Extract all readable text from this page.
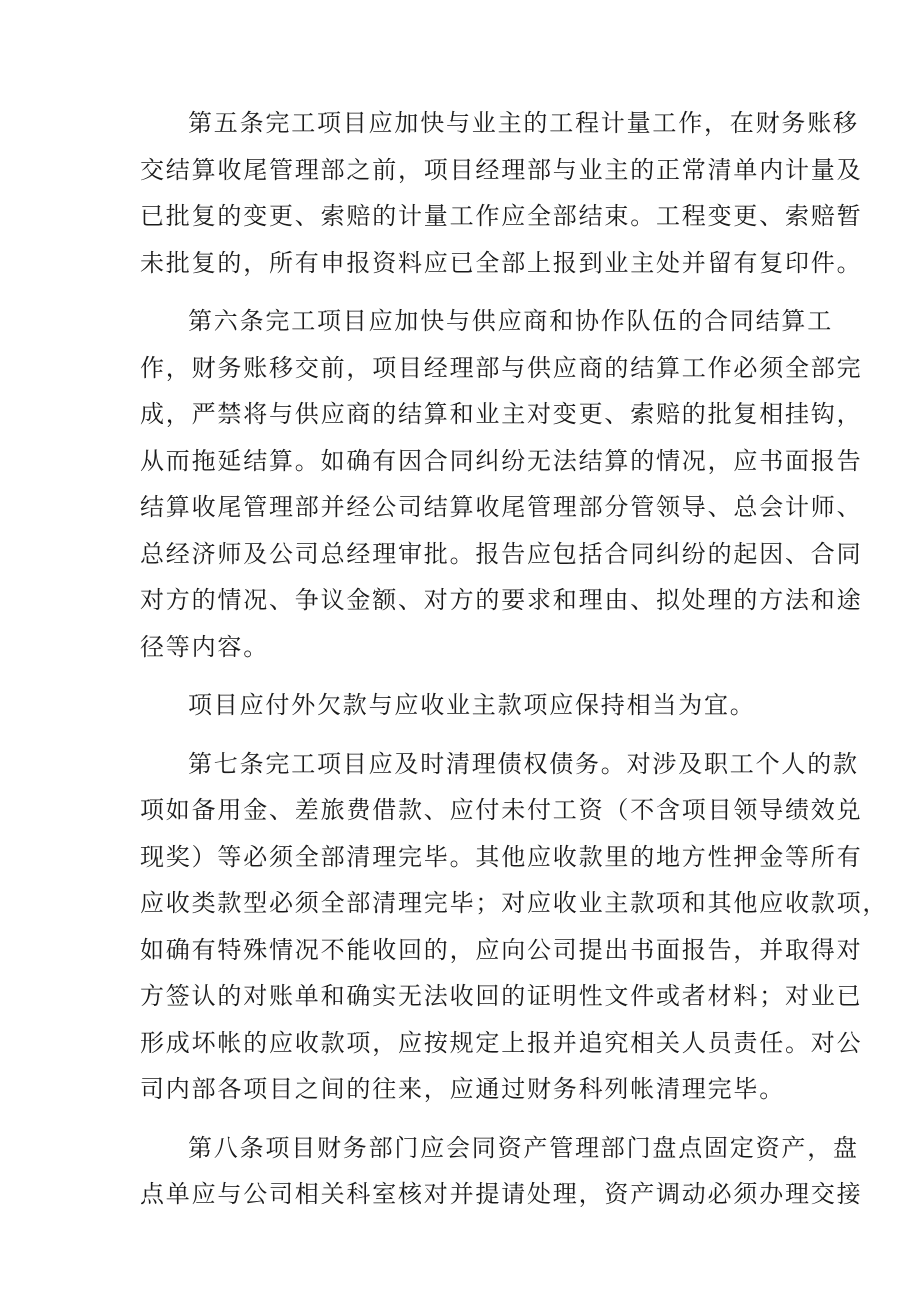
第五条完工项目应加快与业主的工程计量工作，在财务账移
交结算收尾管理部之前，项目经理部与业主的正常清单内计量及
已批复的变更、索赔的计量工作应全部结束。工程变更、索赔暂
未批复的，所有申报资料应已全部上报到业主处并留有复印件。
第六条完工项目应加快与供应商和协作队伍的合同结算工
作，财务账移交前，项目经理部与供应商的结算工作必须全部完
成，严禁将与供应商的结算和业主对变更、索赔的批复相挂钩，
从而拖延结算。如确有因合同纠纷无法结算的情况，应书面报告
结算收尾管理部并经公司结算收尾管理部分管领导、总会计师、
总经济师及公司总经理审批。报告应包括合同纠纷的起因、合同
对方的情况、争议金额、对方的要求和理由、拟处理的方法和途
径等内容。
项目应付外欠款与应收业主款项应保持相当为宜。
第七条完工项目应及时清理债权债务。对涉及职工个人的款
项如备用金、差旅费借款、应付未付工资（不含项目领导绩效兑
现奖）等必须全部清理完毕。其他应收款里的地方性押金等所有
应收类款型必须全部清理完毕；对应收业主款项和其他应收款项，
如确有特殊情况不能收回的，应向公司提出书面报告，并取得对
方签认的对账单和确实无法收回的证明性文件或者材料；对业已
形成坏帐的应收款项，应按规定上报并追究相关人员责任。对公
司内部各项目之间的往来，应通过财务科列帐清理完毕。
第八条项目财务部门应会同资产管理部门盘点固定资产，盘
点单应与公司相关科室核对并提请处理，资产调动必须办理交接
